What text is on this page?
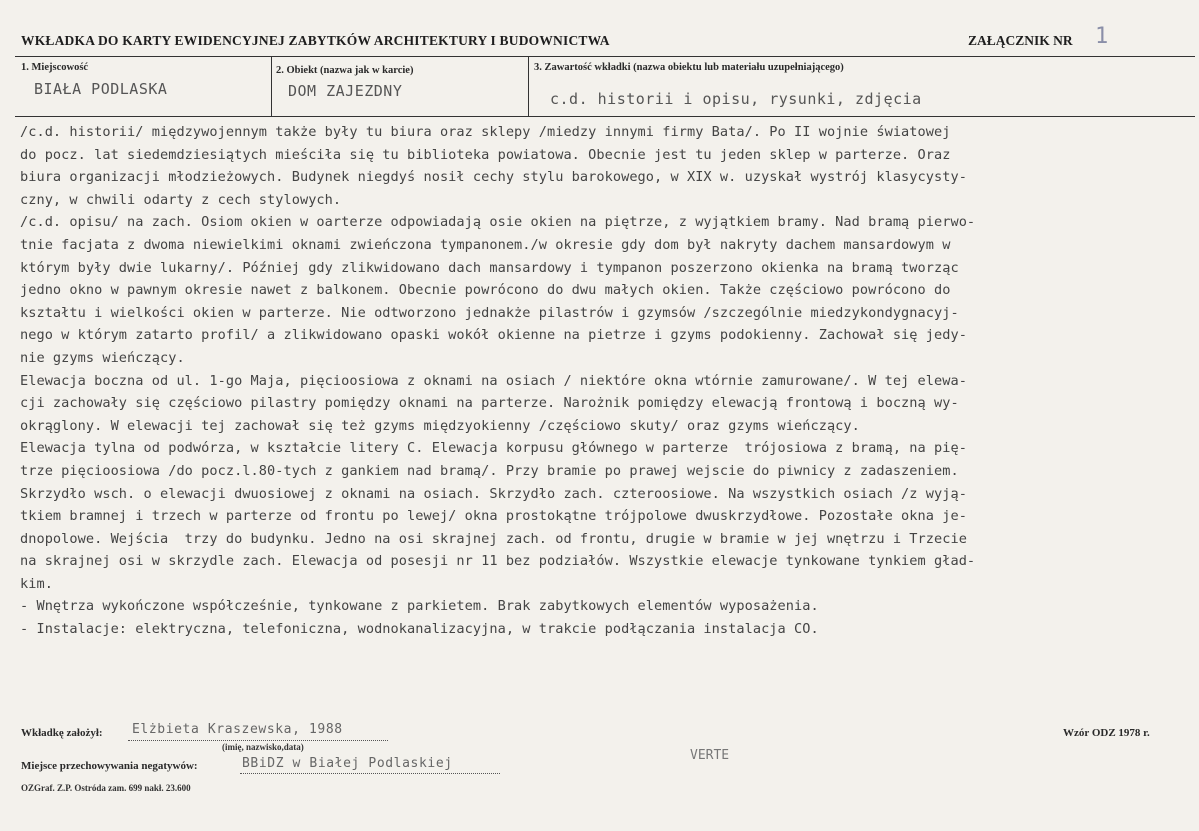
WKŁADKA DO KARTY EWIDENCYJNEJ ZABYTKÓW ARCHITEKTURY I BUDOWNICTWA	ZAŁĄCZNIK NR 1
1. Miejscowość
BIAŁA PODLASKA
2. Obiekt (nazwa jak w karcie)
DOM ZAJEZDNY
3. Zawartość wkładki (nazwa obiektu lub materiału uzupełniającego)
c.d. historii i opisu, rysunki, zdjęcia
/c.d. historii/ międzywojennym także były tu biura oraz sklepy /miedzy innymi firmy Bata/. Po II wojnie światowej
do pocz. lat siedemdziesiątych mieściła się tu biblioteka powiatowa. Obecnie jest tu jeden sklep w parterze. Oraz
biura organizacji młodzieżowych. Budynek niegdyś nosił cechy stylu barokowego, w XIX w. uzyskał wystrój klasycysty-
czny, w chwili odarty z cech stylowych.
/c.d. opisu/ na zach. Osiom okien w oarterze odpowiadają osie okien na piętrze, z wyjątkiem bramy. Nad bramą pierwo-
tnie facjata z dwoma niewielkimi oknami zwieńczona tympanonem./w okresie gdy dom był nakryty dachem mansardowym w
którym były dwie lukarny/. Później gdy zlikwidowano dach mansardowy i tympanon poszerzono okienka na bramą tworząc
jedno okno w pawnym okresie nawet z balkonem. Obecnie powrócono do dwu małych okien. Także częściowo powrócono do
kształtu i wielkości okien w parterze. Nie odtworzono jednakże pilastrów i gzymsów /szczególnie miedzykondygnacyj-
nego w którym zatarto profil/ a zlikwidowano opaski wokół okienne na pietrze i gzyms podokienny. Zachował się jedy-
nie gzyms wieńczący.
Elewacja boczna od ul. 1-go Maja, pięcioosiowa z oknami na osiach / niektóre okna wtórnie zamurowane/. W tej elewa-
cji zachowały się częściowo pilastry pomiędzy oknami na parterze. Narożnik pomiędzy elewacją frontową i boczną wy-
okrąglony. W elewacji tej zachował się też gzyms międzyokienny /częściowo skuty/ oraz gzyms wieńczący.
Elewacja tylna od podwórza, w kształcie litery C. Elewacja korpusu głównego w parterze  trójosiowa z bramą, na pię-
trze pięcioosiowa /do pocz.l.80-tych z gankiem nad bramą/. Przy bramie po prawej wejscie do piwnicy z zadaszeniem.
Skrzydło wsch. o elewacji dwuosiowej z oknami na osiach. Skrzydło zach. czteroosiowe. Na wszystkich osiach /z wyją-
tkiem bramnej i trzech w parterze od frontu po lewej/ okna prostokątne trójpolowe dwuskrzydłowe. Pozostałe okna je-
dnopolowe. Wejścia  trzy do budynku. Jedno na osi skrajnej zach. od frontu, drugie w bramie w jej wnętrzu i Trzecie
na skrajnej osi w skrzydle zach. Elewacja od posesji nr 11 bez podziałów. Wszystkie elewacje tynkowane tynkiem gład-
kim.
- Wnętrza wykończone współcześnie, tynkowane z parkietem. Brak zabytkowych elementów wyposażenia.
- Instalacje: elektryczna, telefoniczna, wodnokanalizacyjna, w trakcie podłączania instalacja CO.
Wkładkę założył: Elżbieta Kraszewska, 1988
(imię, nazwisko,data)
Wzór ODZ 1978 r.
Miejsce przechowywania negatywów:	BBiDZ w Białej Podlaskiej
VERTE
OZGraf. Z.P. Ostróda zam. 699 nakł. 23.600
